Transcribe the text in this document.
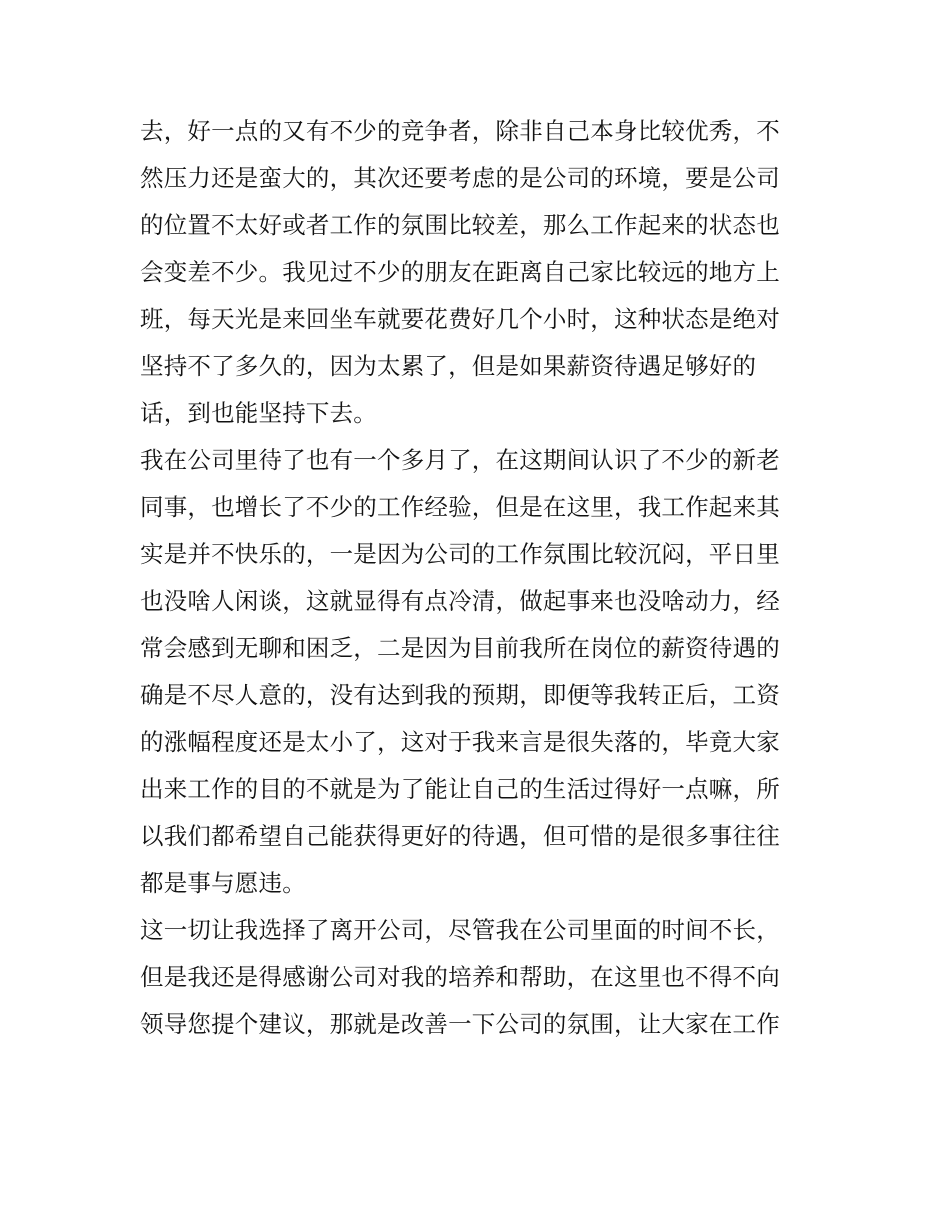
去，好一点的又有不少的竞争者，除非自己本身比较优秀，不
然压力还是蛮大的，其次还要考虑的是公司的环境，要是公司
的位置不太好或者工作的氛围比较差，那么工作起来的状态也
会变差不少。我见过不少的朋友在距离自己家比较远的地方上
班，每天光是来回坐车就要花费好几个小时，这种状态是绝对
坚持不了多久的，因为太累了，但是如果薪资待遇足够好的
话，到也能坚持下去。
我在公司里待了也有一个多月了，在这期间认识了不少的新老
同事，也增长了不少的工作经验，但是在这里，我工作起来其
实是并不快乐的，一是因为公司的工作氛围比较沉闷，平日里
也没啥人闲谈，这就显得有点冷清，做起事来也没啥动力，经
常会感到无聊和困乏，二是因为目前我所在岗位的薪资待遇的
确是不尽人意的，没有达到我的预期，即便等我转正后，工资
的涨幅程度还是太小了，这对于我来言是很失落的，毕竟大家
出来工作的目的不就是为了能让自己的生活过得好一点嘛，所
以我们都希望自己能获得更好的待遇，但可惜的是很多事往往
都是事与愿违。
这一切让我选择了离开公司，尽管我在公司里面的时间不长，
但是我还是得感谢公司对我的培养和帮助，在这里也不得不向
领导您提个建议，那就是改善一下公司的氛围，让大家在工作
